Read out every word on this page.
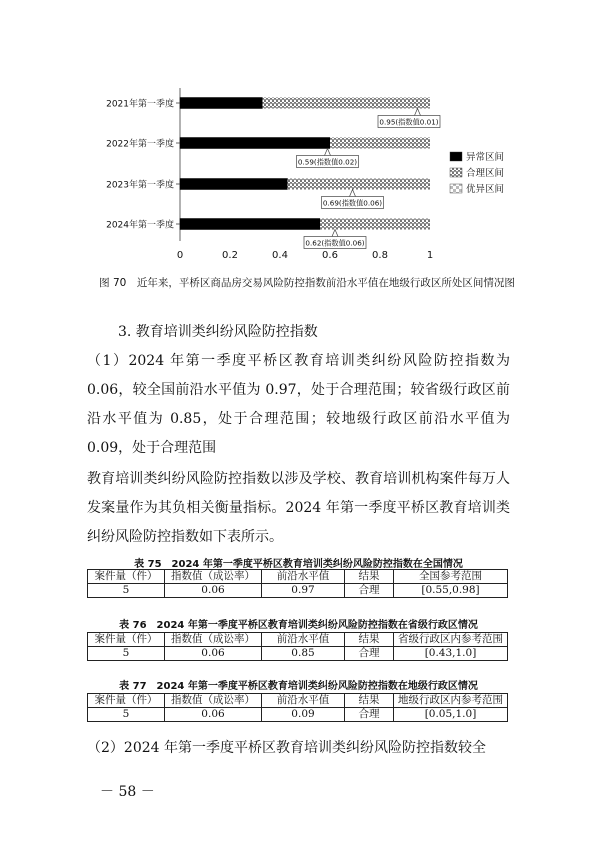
2021年第一季度
2022年第一季度
2023年第一季度
2024年第一季度
0	0.2	0.4	0.6	0.8	1
0.95(指数值0.01)
0.59(指数值0.02)
0.69(指数值0.06)
0.62(指数值0.06)
异常区间
合理区间
优异区间
图 70　近年来，平桥区商品房交易风险防控指数前沿水平值在地级行政区所处区间情况图
3. 教育培训类纠纷风险防控指数
（1）2024 年第一季度平桥区教育培训类纠纷风险防控指数为 0.06，较全国前沿水平值为 0.97，处于合理范围；较省级行政区前沿水平值为 0.85，处于合理范围；较地级行政区前沿水平值为 0.09，处于合理范围
教育培训类纠纷风险防控指数以涉及学校、教育培训机构案件每万人发案量作为其负相关衡量指标。2024 年第一季度平桥区教育培训类纠纷风险防控指数如下表所示。
表 75　2024 年第一季度平桥区教育培训类纠纷风险防控指数在全国情况
案件量（件）	指数值（成讼率）	前沿水平值	结果	全国参考范围
5	0.06	0.97	合理	[0.55,0.98]
表 76　2024 年第一季度平桥区教育培训类纠纷风险防控指数在省级行政区情况
案件量（件）	指数值（成讼率）	前沿水平值	结果	省级行政区内参考范围
5	0.06	0.85	合理	[0.43,1.0]
表 77　2024 年第一季度平桥区教育培训类纠纷风险防控指数在地级行政区情况
案件量（件）	指数值（成讼率）	前沿水平值	结果	地级行政区内参考范围
5	0.06	0.09	合理	[0.05,1.0]
（2）2024 年第一季度平桥区教育培训类纠纷风险防控指数较全
－ 58 －
